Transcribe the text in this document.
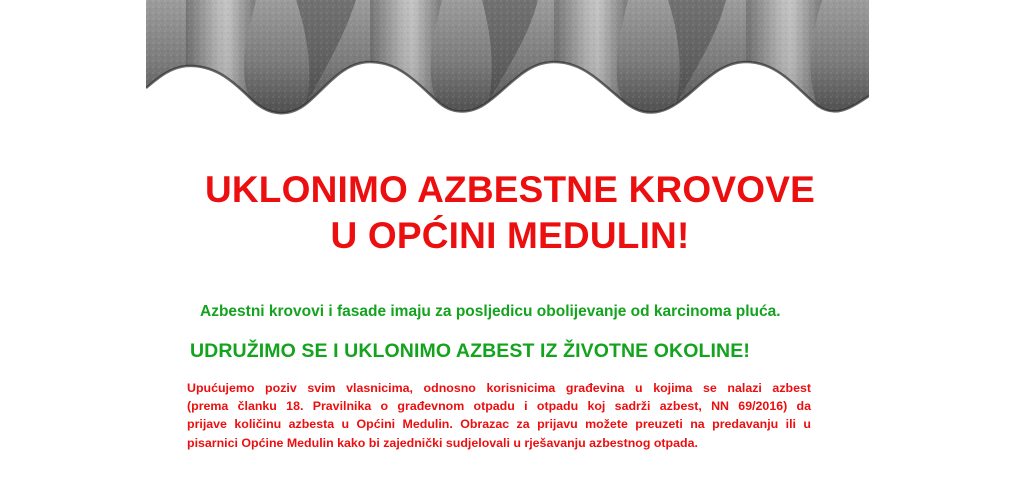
UKLONIMO AZBESTNE KROVOVE
U OPĆINI MEDULIN!
Azbestni krovovi i fasade imaju za posljedicu obolijevanje od karcinoma pluća.
UDRUŽIMO SE I UKLONIMO AZBEST IZ ŽIVOTNE OKOLINE!
Upućujemo poziv svim vlasnicima, odnosno korisnicima građevina u kojima se nalazi azbest
(prema članku 18. Pravilnika o građevnom otpadu i otpadu koj sadrži azbest, NN 69/2016) da
prijave količinu azbesta u Općini Medulin. Obrazac za prijavu možete preuzeti na predavanju ili u
pisarnici Općine Medulin kako bi zajednički sudjelovali u rješavanju azbestnog otpada.
